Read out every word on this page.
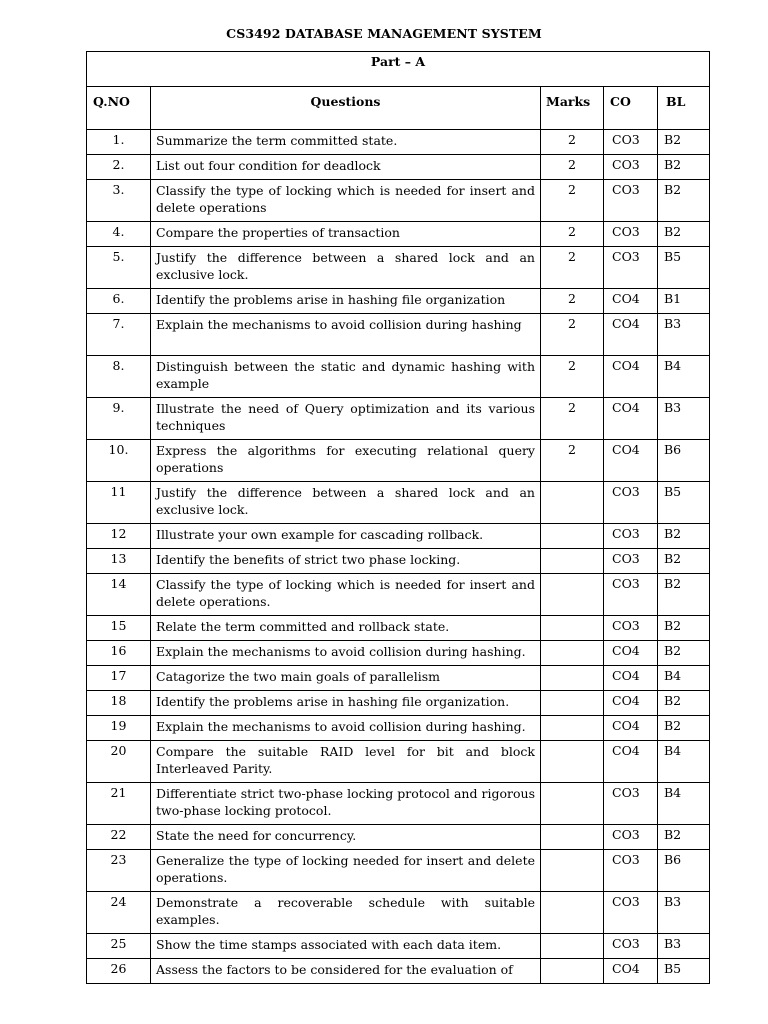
CS3492 DATABASE MANAGEMENT SYSTEM
Part – A				
Q.NO	Questions	Marks	CO	BL
1.	Summarize the term committed state.	2	CO3	B2
2.	List out four condition for deadlock	2	CO3	B2
3.	Classify the type of locking which is needed for insert and delete operations	2	CO3	B2
4.	Compare the properties of transaction	2	CO3	B2
5.	Justify the difference between a shared lock and an exclusive lock.	2	CO3	B5
6.	Identify the problems arise in hashing file organization	2	CO4	B1
7.	Explain the mechanisms to avoid collision during hashing	2	CO4	B3
8.	Distinguish between the static and dynamic hashing with example	2	CO4	B4
9.	Illustrate the need of Query optimization and its various techniques	2	CO4	B3
10.	Express the algorithms for executing relational query operations	2	CO4	B6
11	Justify the difference between a shared lock and an exclusive lock.		CO3	B5
12	Illustrate your own example for cascading rollback.		CO3	B2
13	Identify the benefits of strict two phase locking.		CO3	B2
14	Classify the type of locking which is needed for insert and delete operations.		CO3	B2
15	Relate the term committed and rollback state.		CO3	B2
16	Explain the mechanisms to avoid collision during hashing.		CO4	B2
17	Catagorize the two main goals of parallelism		CO4	B4
18	Identify the problems arise in hashing file organization.		CO4	B2
19	Explain the mechanisms to avoid collision during hashing.		CO4	B2
20	Compare the suitable RAID level for bit and block Interleaved Parity.		CO4	B4
21	Differentiate strict two-phase locking protocol and rigorous two-phase locking protocol.		CO3	B4
22	State the need for concurrency.		CO3	B2
23	Generalize the type of locking needed for insert and delete operations.		CO3	B6
24	Demonstrate a recoverable schedule with suitable examples.		CO3	B3
25	Show the time stamps associated with each data item.		CO3	B3
26	Assess the factors to be considered for the evaluation of		CO4	B5
